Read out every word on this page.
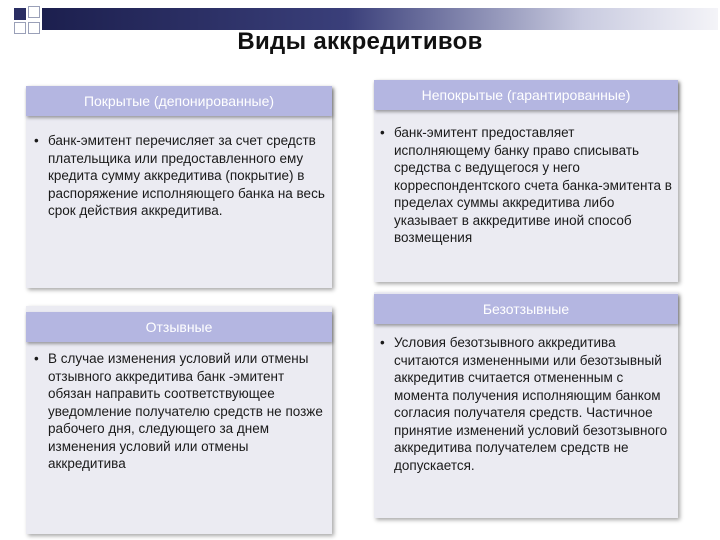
Виды аккредитивов
Покрытые (депонированные)
• банк-эмитент перечисляет за счет средств плательщика или предоставленного ему кредита сумму аккредитива (покрытие) в распоряжение исполняющего банка на весь срок действия аккредитива.
Непокрытые (гарантированные)
• банк-эмитент предоставляет исполняющему банку право списывать средства с ведущегося у него корреспондентского счета банка-эмитента в пределах суммы аккредитива либо указывает в аккредитиве иной способ возмещения
Отзывные
• В случае изменения условий или отмены отзывного аккредитива банк -эмитент обязан направить соответствующее уведомление получателю средств не позже рабочего дня, следующего за днем изменения условий или отмены аккредитива
Безотзывные
• Условия безотзывного аккредитива считаются измененными или безотзывный аккредитив считается отмененным с момента получения исполняющим банком согласия получателя средств. Частичное принятие изменений условий безотзывного аккредитива получателем средств не допускается.
